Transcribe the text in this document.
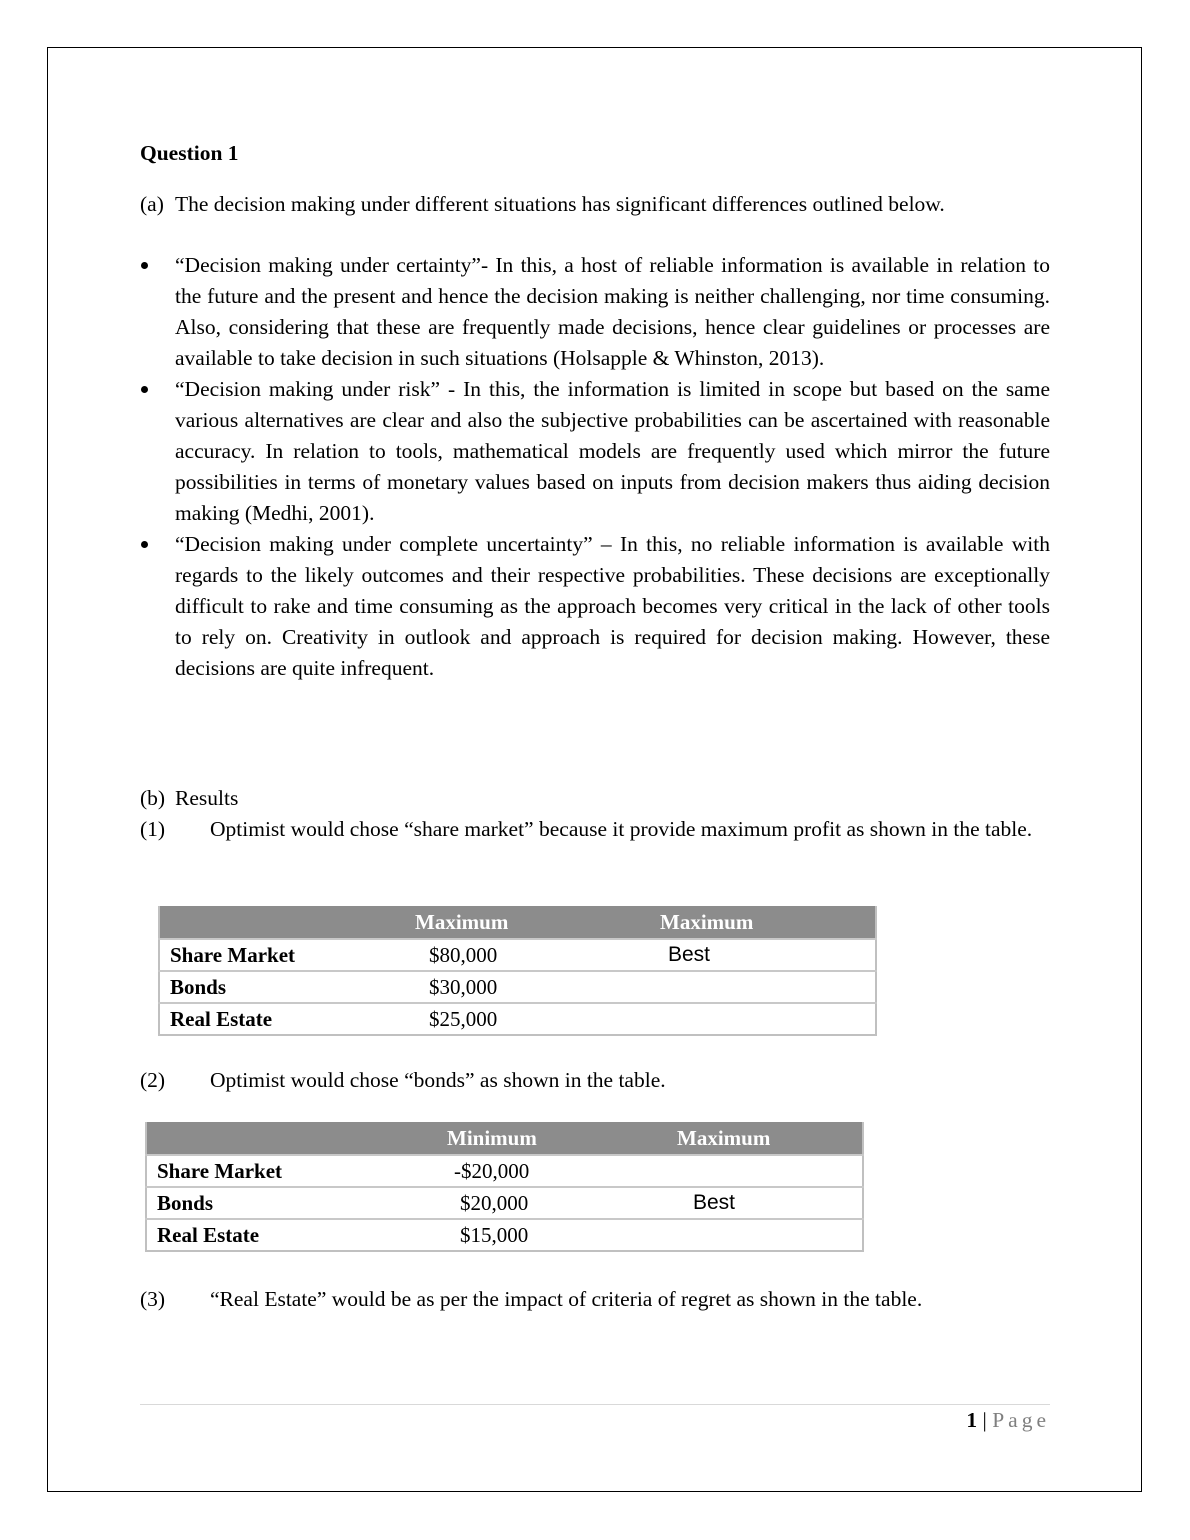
Question 1
(a) The decision making under different situations has significant differences outlined below.
“Decision making under certainty”- In this, a host of reliable information is available in relation to the future and the present and hence the decision making is neither challenging, nor time consuming. Also, considering that these are frequently made decisions, hence clear guidelines or processes are available to take decision in such situations (Holsapple & Whinston, 2013).
“Decision making under risk” - In this, the information is limited in scope but based on the same various alternatives are clear and also the subjective probabilities can be ascertained with reasonable accuracy. In relation to tools, mathematical models are frequently used which mirror the future possibilities in terms of monetary values based on inputs from decision makers thus aiding decision making (Medhi, 2001).
“Decision making under complete uncertainty” – In this, no reliable information is available with regards to the likely outcomes and their respective probabilities. These decisions are exceptionally difficult to rake and time consuming as the approach becomes very critical in the lack of other tools to rely on. Creativity in outlook and approach is required for decision making. However, these decisions are quite infrequent.
(b) Results
(1) Optimist would chose “share market” because it provide maximum profit as shown in the table.
	Maximum	Maximum
Share Market	$80,000	Best
Bonds	$30,000	
Real Estate	$25,000	
(2) Optimist would chose “bonds” as shown in the table.
	Minimum	Maximum
Share Market	-$20,000	
Bonds	$20,000	Best
Real Estate	$15,000	
(3) “Real Estate” would be as per the impact of criteria of regret as shown in the table.
1 | Page
